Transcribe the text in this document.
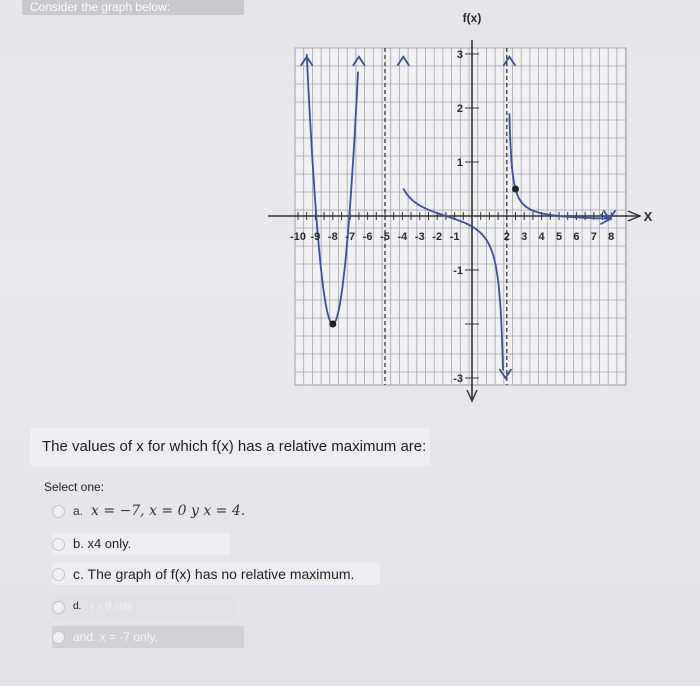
Consider the graph below:
-10 -9 -8 -7 -6 -5 -4 -3 -2 -1	2 3 4 5 6 7 8
3
2
1
-1
-3
f(x)
X
The values of x for which f(x) has a relative maximum are:
Select one:
a. x = −7, x = 0 y x = 4.
b. x4 only.
c. The graph of f(x) has no relative maximum.
d. x = 0 only.
and. x = -7 only.
